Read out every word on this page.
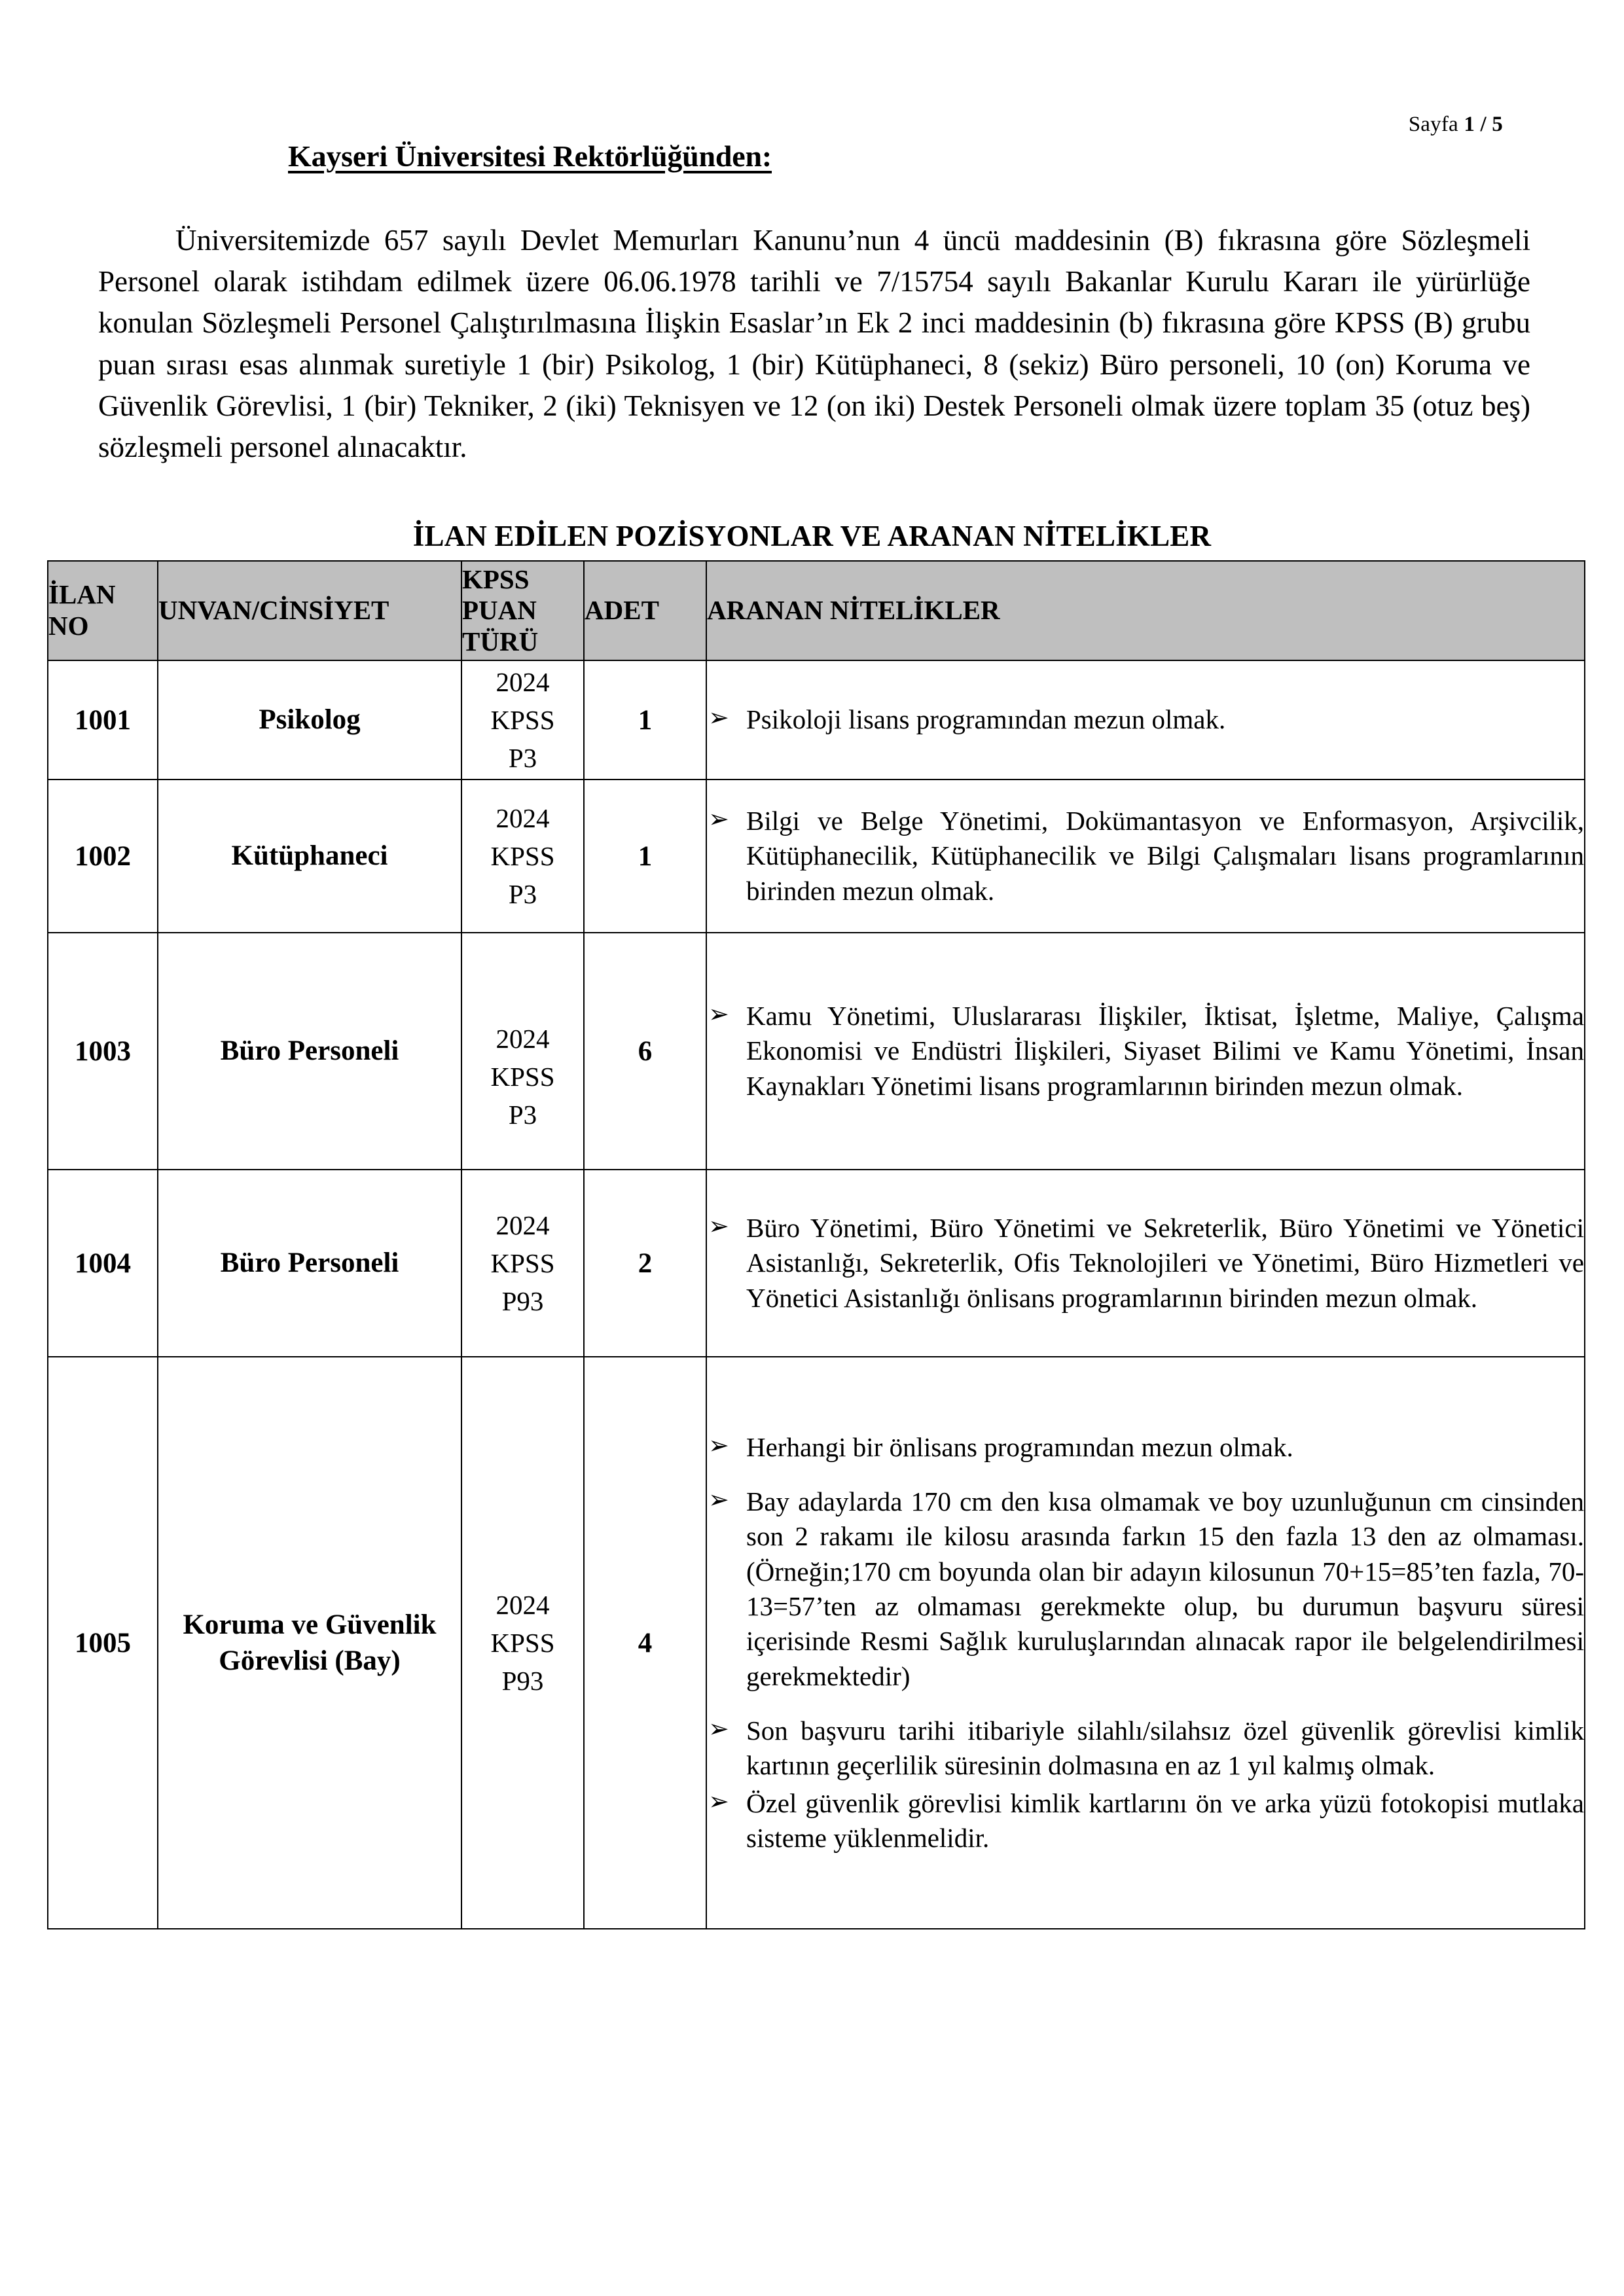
Sayfa 1 / 5
Kayseri Üniversitesi Rektörlüğünden:
Üniversitemizde 657 sayılı Devlet Memurları Kanunu’nun 4 üncü maddesinin (B) fıkrasına göre Sözleşmeli Personel olarak istihdam edilmek üzere 06.06.1978 tarihli ve 7/15754 sayılı Bakanlar Kurulu Kararı ile yürürlüğe konulan Sözleşmeli Personel Çalıştırılmasına İlişkin Esaslar’ın Ek 2 inci maddesinin (b) fıkrasına göre KPSS (B) grubu puan sırası esas alınmak suretiyle 1 (bir) Psikolog, 1 (bir) Kütüphaneci, 8 (sekiz) Büro personeli, 10 (on) Koruma ve Güvenlik Görevlisi, 1 (bir) Tekniker, 2 (iki) Teknisyen ve 12 (on iki) Destek Personeli olmak üzere toplam 35 (otuz beş) sözleşmeli personel alınacaktır.
İLAN EDİLEN POZİSYONLAR VE ARANAN NİTELİKLER
İLAN NO	UNVAN/CİNSİYET	KPSS PUAN TÜRÜ	ADET	ARANAN NİTELİKLER
1001	Psikolog	2024
KPSS
P3	1	➢ Psikoloji lisans programından mezun olmak.

1002	Kütüphaneci	2024
KPSS
P3	1	
➢ Bilgi ve Belge Yönetimi, Dokümantasyon ve Enformasyon, Arşivcilik, Kütüphanecilik, Kütüphanecilik ve Bilgi Çalışmaları lisans programlarının birinden mezun olmak.

1003	Büro Personeli	2024
KPSS
P3	6	
➢ Kamu Yönetimi, Uluslararası İlişkiler, İktisat, İşletme, Maliye, Çalışma Ekonomisi ve Endüstri İlişkileri, Siyaset Bilimi ve Kamu Yönetimi, İnsan Kaynakları Yönetimi lisans programlarının birinden mezun olmak.

1004	Büro Personeli	2024
KPSS
P93	2	
➢ Büro Yönetimi, Büro Yönetimi ve Sekreterlik, Büro Yönetimi ve Yönetici Asistanlığı, Sekreterlik, Ofis Teknolojileri ve Yönetimi, Büro Hizmetleri ve Yönetici Asistanlığı önlisans programlarının birinden mezun olmak.

1005	Koruma ve Güvenlik Görevlisi (Bay)	2024
KPSS
P93	4	
➢ Herhangi bir önlisans programından mezun olmak.
➢ Bay adaylarda 170 cm den kısa olmamak ve boy uzunluğunun cm cinsinden son 2 rakamı ile kilosu arasında farkın 15 den fazla 13 den az olmaması. (Örneğin;170 cm boyunda olan bir adayın kilosunun 70+15=85’ten fazla, 70-13=57’ten az olmaması gerekmekte olup, bu durumun başvuru süresi içerisinde Resmi Sağlık kuruluşlarından alınacak rapor ile belgelendirilmesi gerekmektedir)
➢ Son başvuru tarihi itibariyle silahlı/silahsız özel güvenlik görevlisi kimlik kartının geçerlilik süresinin dolmasına en az 1 yıl kalmış olmak.
➢ Özel güvenlik görevlisi kimlik kartlarını ön ve arka yüzü fotokopisi mutlaka sisteme yüklenmelidir.
